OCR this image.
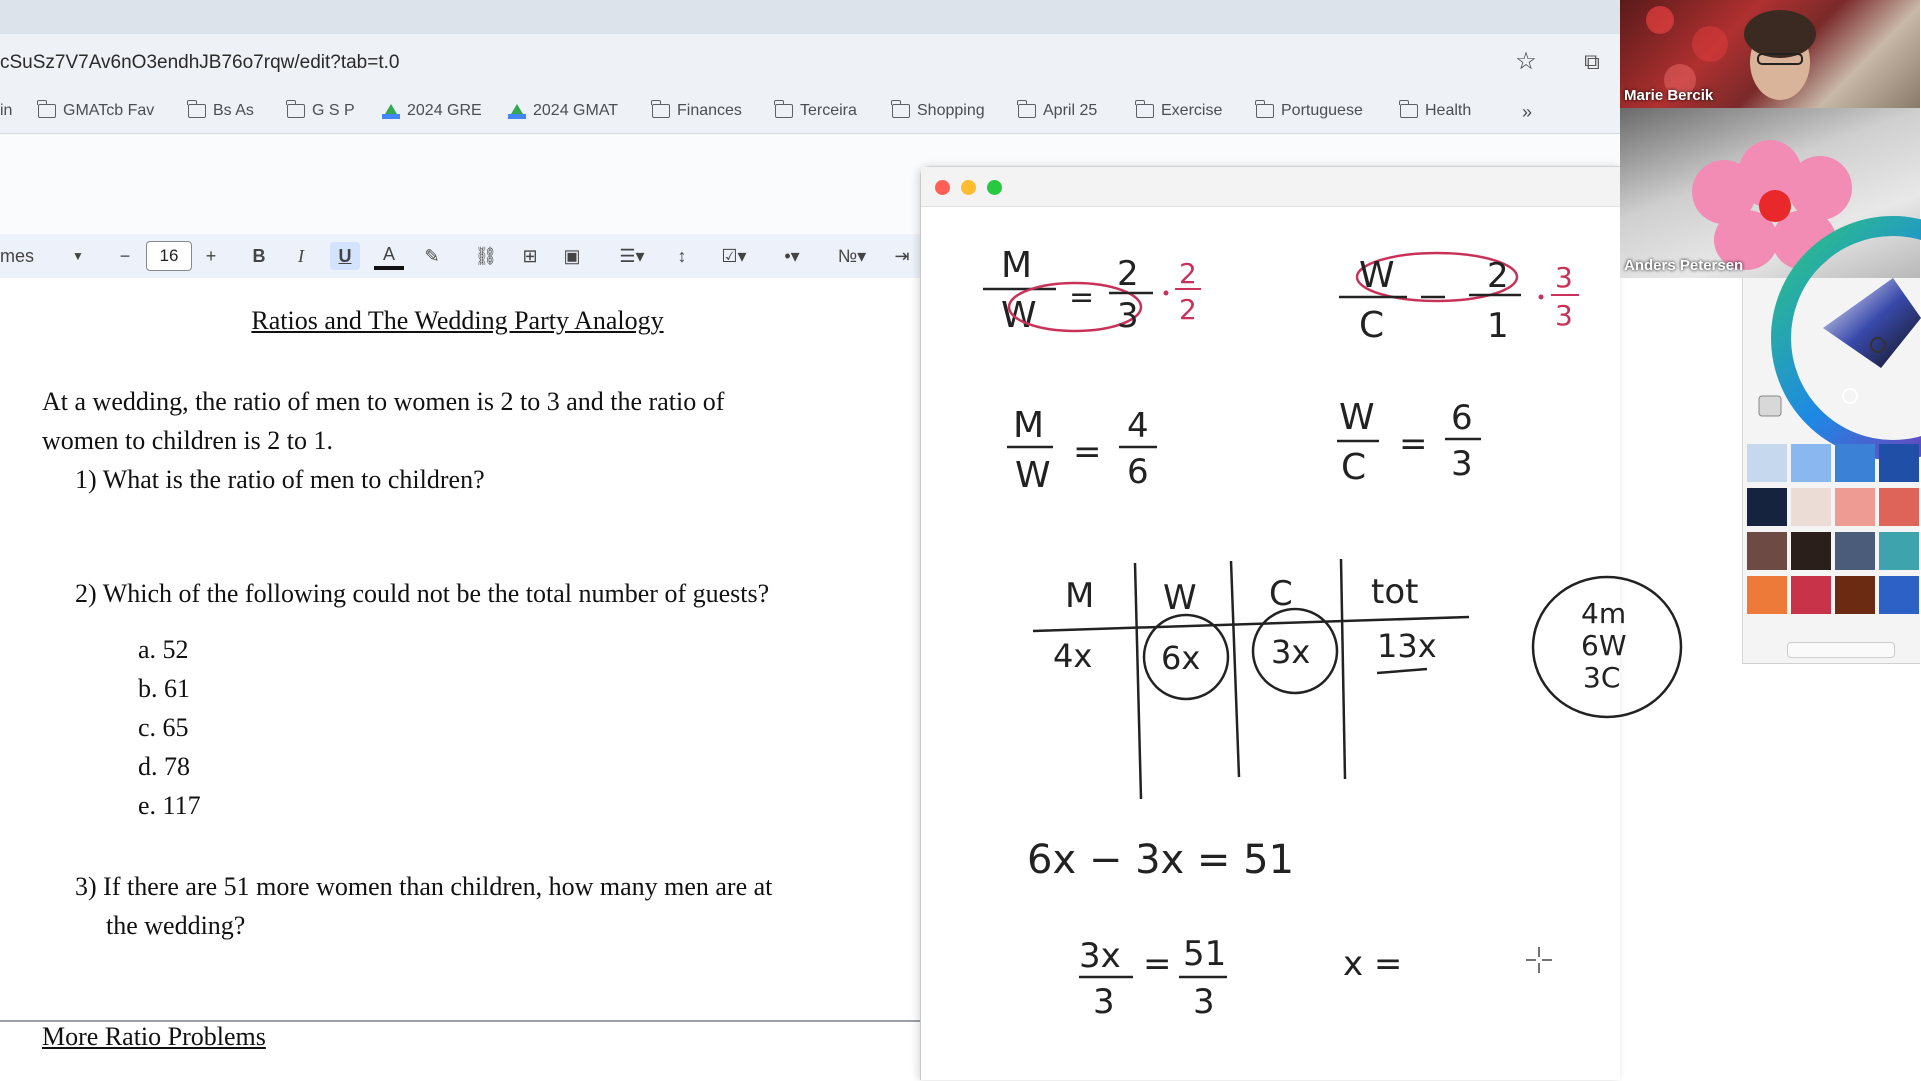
cSuSz7V7Av6nO3endhJB76o7rqw/edit?tab=t.0	☆ ⧉
in	GMATcb Fav	Bs As	G S P	2024 GRE	2024 GMAT	Finances	Terceira	Shopping	April 25	Exercise	Portuguese	Health	»
mes	▼	−	16	+	B	I	U	A	✎	⛓	⊞	▣	☰▾	↕	☑▾	•▾	№▾	⇥
Ratios and The Wedding Party Analogy
At a wedding, the ratio of men to women is 2 to 3 and the ratio of
women to children is 2 to 1.
1) What is the ratio of men to children?
2) Which of the following could not be the total number of guests?
a. 52
b. 61
c. 65
d. 78
e. 117
3) If there are 51 more women than children, how many men are at
the wedding?
More Ratio Problems
M
W =
2
3
2
2
W
C
2
1
3
3
M
W
=
4
6
W
C
=
6
3
M W C tot
4x 6x 3x 13x
4m
6W
3C
6x − 3x = 51
3x
3
= 51
3
x =
Marie Bercik
Anders Petersen
